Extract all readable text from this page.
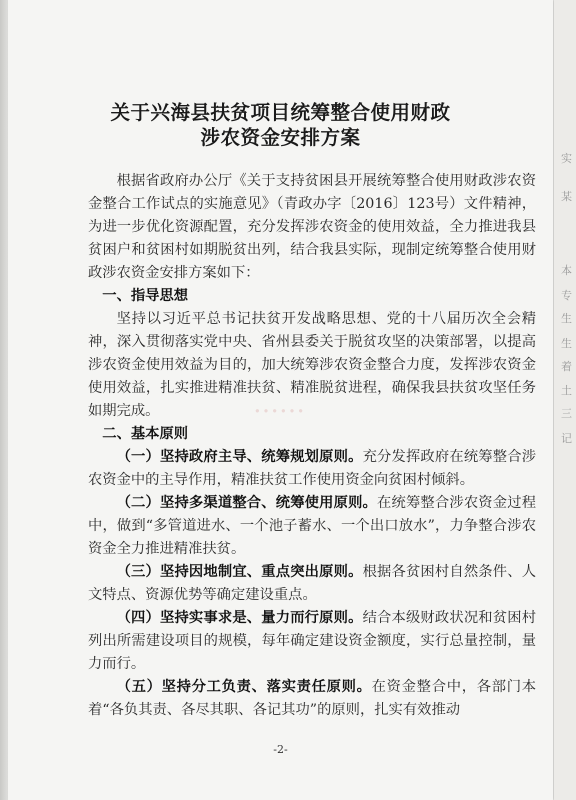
……
关于兴海县扶贫项目统筹整合使用财政
涉农资金安排方案

根据省政府办公厅《关于支持贫困县开展统筹整合使用财政涉农资金整合工作试点的实施意见》（青政办字〔2016〕123号）文件精神，为进一步优化资源配置，充分发挥涉农资金的使用效益，全力推进我县贫困户和贫困村如期脱贫出列，结合我县实际，现制定统筹整合使用财政涉农资金安排方案如下：

一、指导思想

坚持以习近平总书记扶贫开发战略思想、党的十八届历次全会精神，深入贯彻落实党中央、省州县委关于脱贫攻坚的决策部署，以提高涉农资金使用效益为目的，加大统筹涉农资金整合力度，发挥涉农资金使用效益，扎实推进精准扶贫、精准脱贫进程，确保我县扶贫攻坚任务如期完成。

二、基本原则

（一）坚持政府主导、统筹规划原则。充分发挥政府在统筹整合涉农资金中的主导作用，精准扶贫工作使用资金向贫困村倾斜。

（二）坚持多渠道整合、统筹使用原则。在统筹整合涉农资金过程中，做到“多管道进水、一个池子蓄水、一个出口放水”，力争整合涉农资金全力推进精准扶贫。

（三）坚持因地制宜、重点突出原则。根据各贫困村自然条件、人文特点、资源优势等确定建设重点。

（四）坚持实事求是、量力而行原则。结合本级财政状况和贫困村列出所需建设项目的规模，每年确定建设资金额度，实行总量控制，量力而行。

（五）坚持分工负责、落实责任原则。在资金整合中，各部门本着“各负其责、各尽其职、各记其功”的原则，扎实有效推动

-2-
实
某
本
专
生
生
着
土
三
记
